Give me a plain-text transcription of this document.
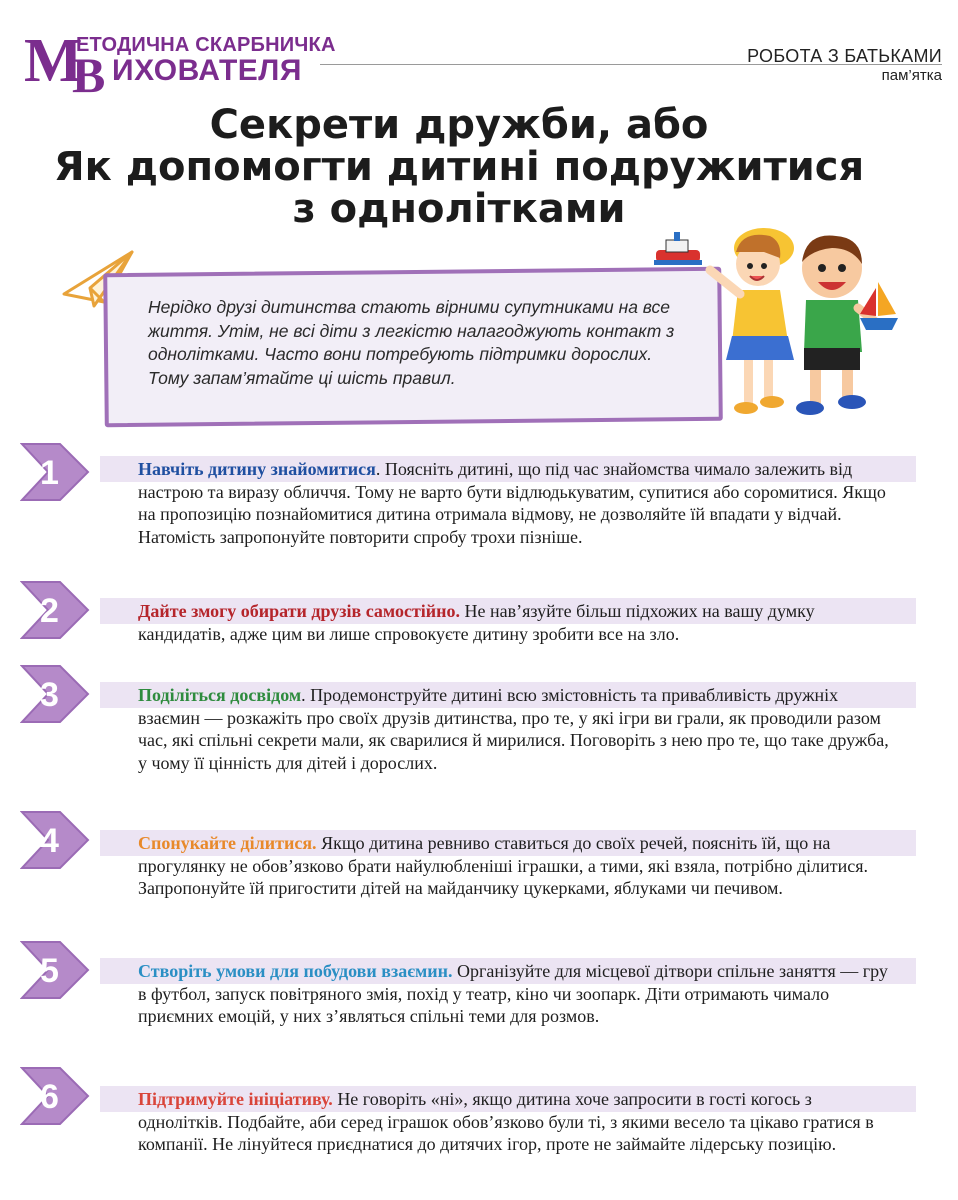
М
ЕТОДИЧНА СКАРБНИЧКА
В ИХОВАТЕЛЯ	РОБОТА З БАТЬКАМИ
пам’ятка
Секрети дружби, або
Як допомогти дитині подружитися
з однолітками
Нерідко друзі дитинства стають вірними супутниками на все життя. Утім, не всі діти з легкістю налагоджують контакт з однолітками. Часто вони потребують підтримки дорослих. Тому запам’ятайте ці шість правил.
1	Навчіть дитину знайомитися. Поясніть дитині, що під час знайомства чимало залежить від настрою та виразу обличчя. Тому не варто бути відлюдькуватим, супитися або соромитися. Якщо на пропозицію познайомитися дитина отримала відмову, не дозволяйте їй впадати у відчай. Натомість запропонуйте повторити спробу трохи пізніше.
2	Дайте змогу обирати друзів самостійно. Не нав’язуйте більш підхожих на вашу думку кандидатів, адже цим ви лише спровокуєте дитину зробити все на зло.
3	Поділіться досвідом. Продемонструйте дитині всю змістовність та привабливість дружніх взаємин — розкажіть про своїх друзів дитинства, про те, у які ігри ви грали, як проводили разом час, які спільні секрети мали, як сварилися й мирилися. Поговоріть з нею про те, що таке дружба, у чому її цінність для дітей і дорослих.
4	Спонукайте ділитися. Якщо дитина ревниво ставиться до своїх речей, поясніть їй, що на прогулянку не обов’язково брати найулюбленіші іграшки, а тими, які взяла, потрібно ділитися. Запропонуйте їй пригостити дітей на майданчику цукерками, яблуками чи печивом.
5	Створіть умови для побудови взаємин. Організуйте для місцевої дітвори спільне заняття — гру в футбол, запуск повітряного змія, похід у театр, кіно чи зоопарк. Діти отримають чимало приємних емоцій, у них з’являться спільні теми для розмов.
6	Підтримуйте ініціативу. Не говоріть «ні», якщо дитина хоче запросити в гості когось з однолітків. Подбайте, аби серед іграшок обов’язково були ті, з якими весело та цікаво гратися в компанії. Не лінуйтеся приєднатися до дитячих ігор, проте не займайте лідерську позицію.
